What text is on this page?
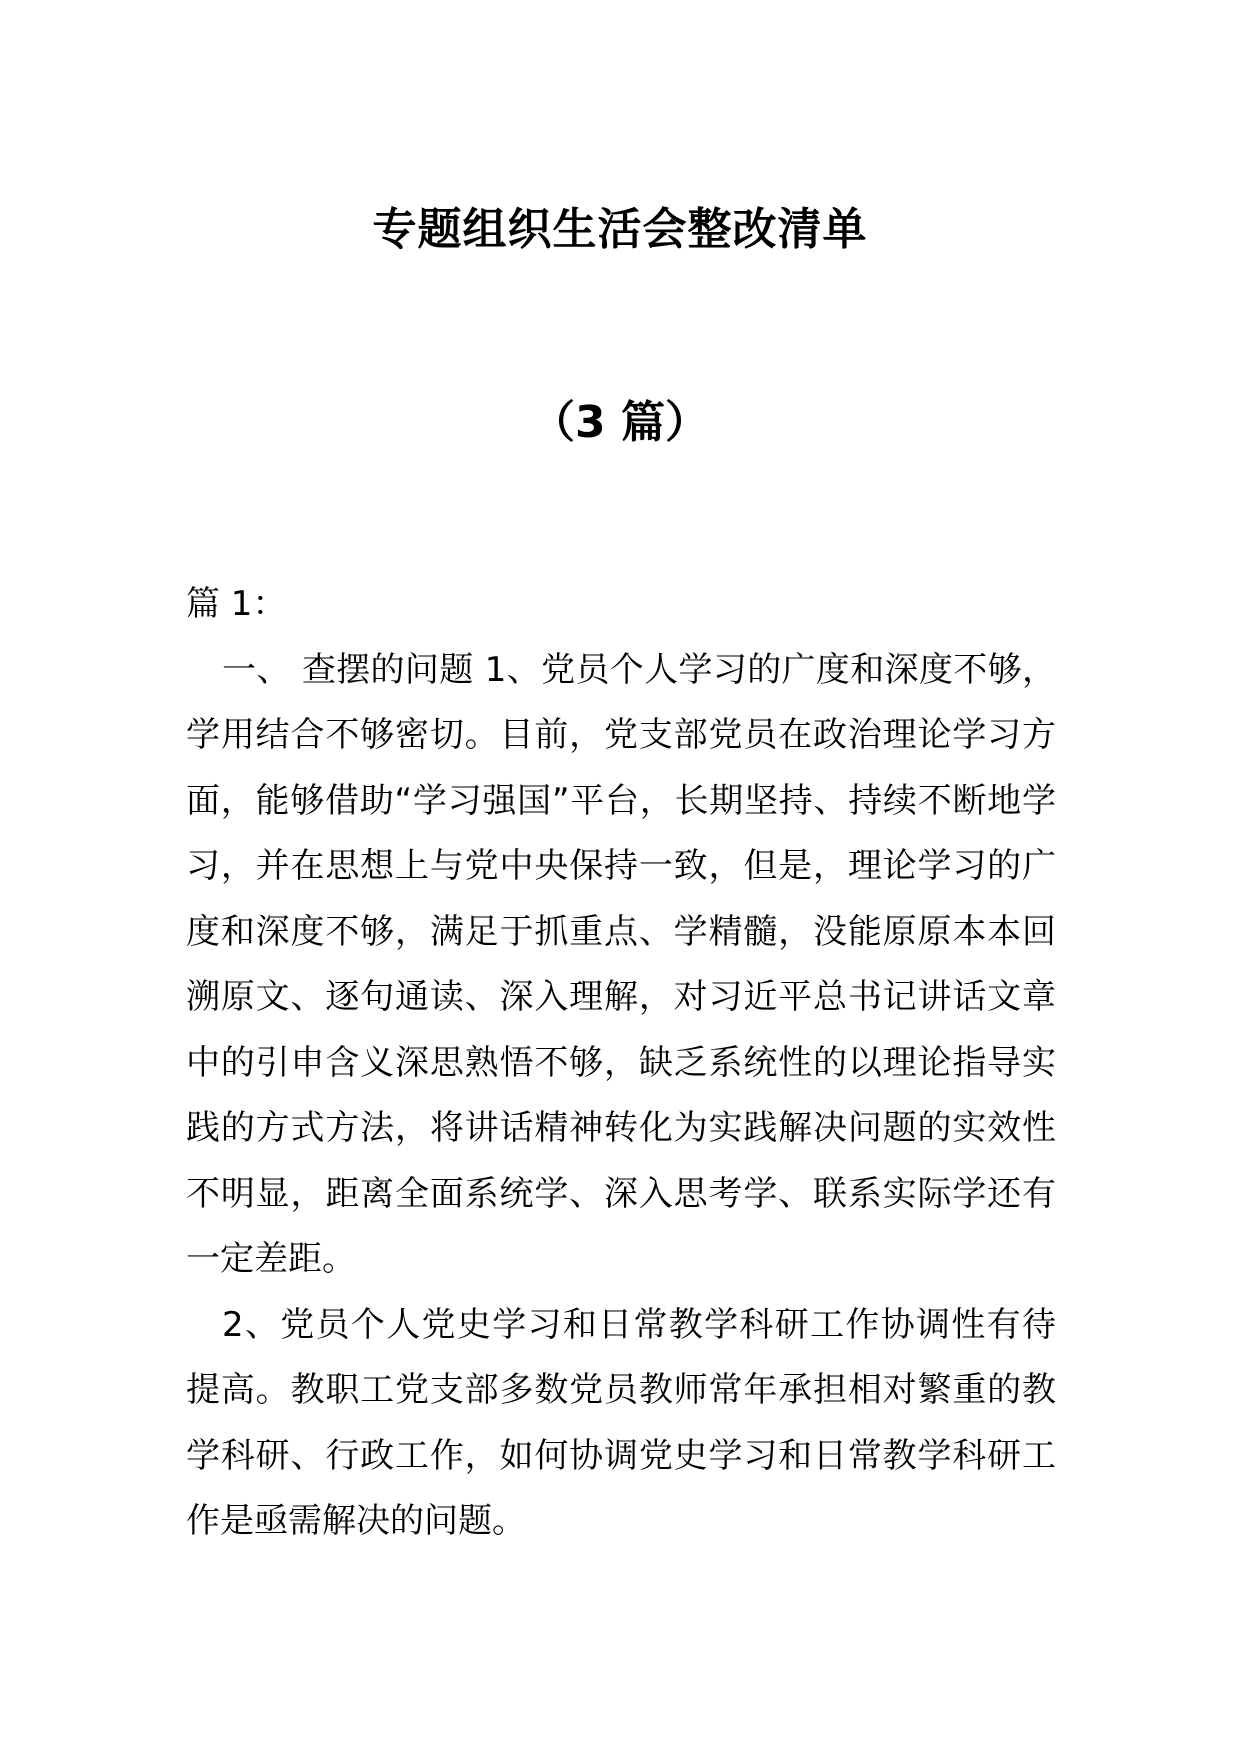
专题组织生活会整改清单
（3 篇）

篇 1：

一、 查摆的问题 1、党员个人学习的广度和深度不够，学用结合不够密切。目前，党支部党员在政治理论学习方面，能够借助“学习强国”平台，长期坚持、持续不断地学习，并在思想上与党中央保持一致，但是，理论学习的广度和深度不够，满足于抓重点、学精髓，没能原原本本回溯原文、逐句通读、深入理解，对习近平总书记讲话文章中的引申含义深思熟悟不够，缺乏系统性的以理论指导实践的方式方法，将讲话精神转化为实践解决问题的实效性不明显，距离全面系统学、深入思考学、联系实际学还有一定差距。

2、党员个人党史学习和日常教学科研工作协调性有待提高。教职工党支部多数党员教师常年承担相对繁重的教学科研、行政工作，如何协调党史学习和日常教学科研工作是亟需解决的问题。
